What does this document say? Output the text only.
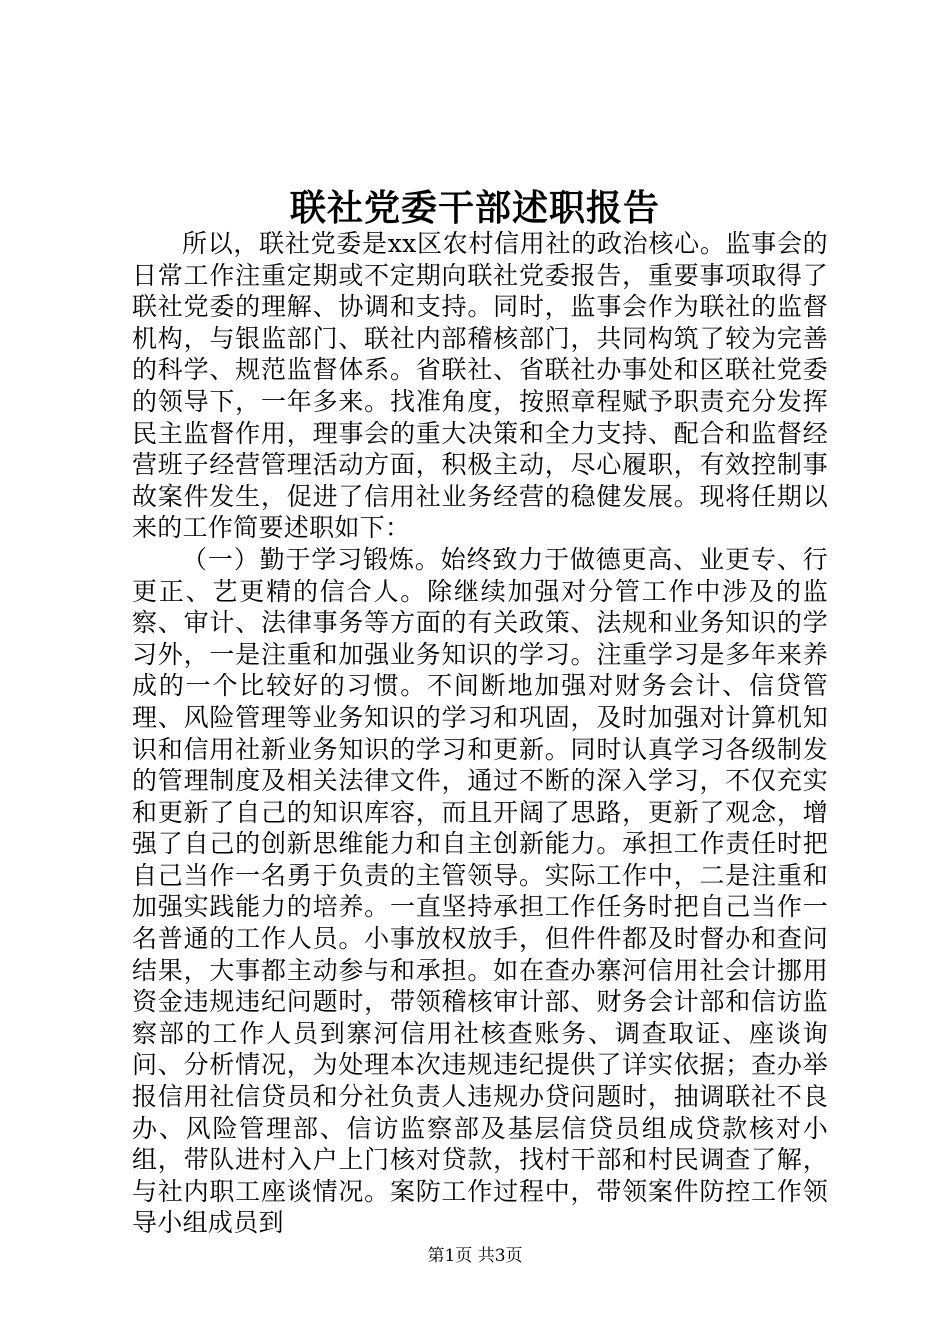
联社党委干部述职报告

所以，联社党委是xx区农村信用社的政治核心。监事会的日常工作注重定期或不定期向联社党委报告，重要事项取得了联社党委的理解、协调和支持。同时，监事会作为联社的监督机构，与银监部门、联社内部稽核部门，共同构筑了较为完善的科学、规范监督体系。省联社、省联社办事处和区联社党委的领导下，一年多来。找准角度，按照章程赋予职责充分发挥民主监督作用，理事会的重大决策和全力支持、配合和监督经营班子经营管理活动方面，积极主动，尽心履职，有效控制事故案件发生，促进了信用社业务经营的稳健发展。现将任期以来的工作简要述职如下：

（一）勤于学习锻炼。始终致力于做德更高、业更专、行更正、艺更精的信合人。除继续加强对分管工作中涉及的监察、审计、法律事务等方面的有关政策、法规和业务知识的学习外，一是注重和加强业务知识的学习。注重学习是多年来养成的一个比较好的习惯。不间断地加强对财务会计、信贷管理、风险管理等业务知识的学习和巩固，及时加强对计算机知识和信用社新业务知识的学习和更新。同时认真学习各级制发的管理制度及相关法律文件，通过不断的深入学习，不仅充实和更新了自己的知识库容，而且开阔了思路，更新了观念，增强了自己的创新思维能力和自主创新能力。承担工作责任时把自己当作一名勇于负责的主管领导。实际工作中，二是注重和加强实践能力的培养。一直坚持承担工作任务时把自己当作一名普通的工作人员。小事放权放手，但件件都及时督办和查问结果，大事都主动参与和承担。如在查办寨河信用社会计挪用资金违规违纪问题时，带领稽核审计部、财务会计部和信访监察部的工作人员到寨河信用社核查账务、调查取证、座谈询问、分析情况，为处理本次违规违纪提供了详实依据；查办举报信用社信贷员和分社负责人违规办贷问题时，抽调联社不良办、风险管理部、信访监察部及基层信贷员组成贷款核对小组，带队进村入户上门核对贷款，找村干部和村民调查了解，与社内职工座谈情况。案防工作过程中，带领案件防控工作领导小组成员到

第1页 共3页
